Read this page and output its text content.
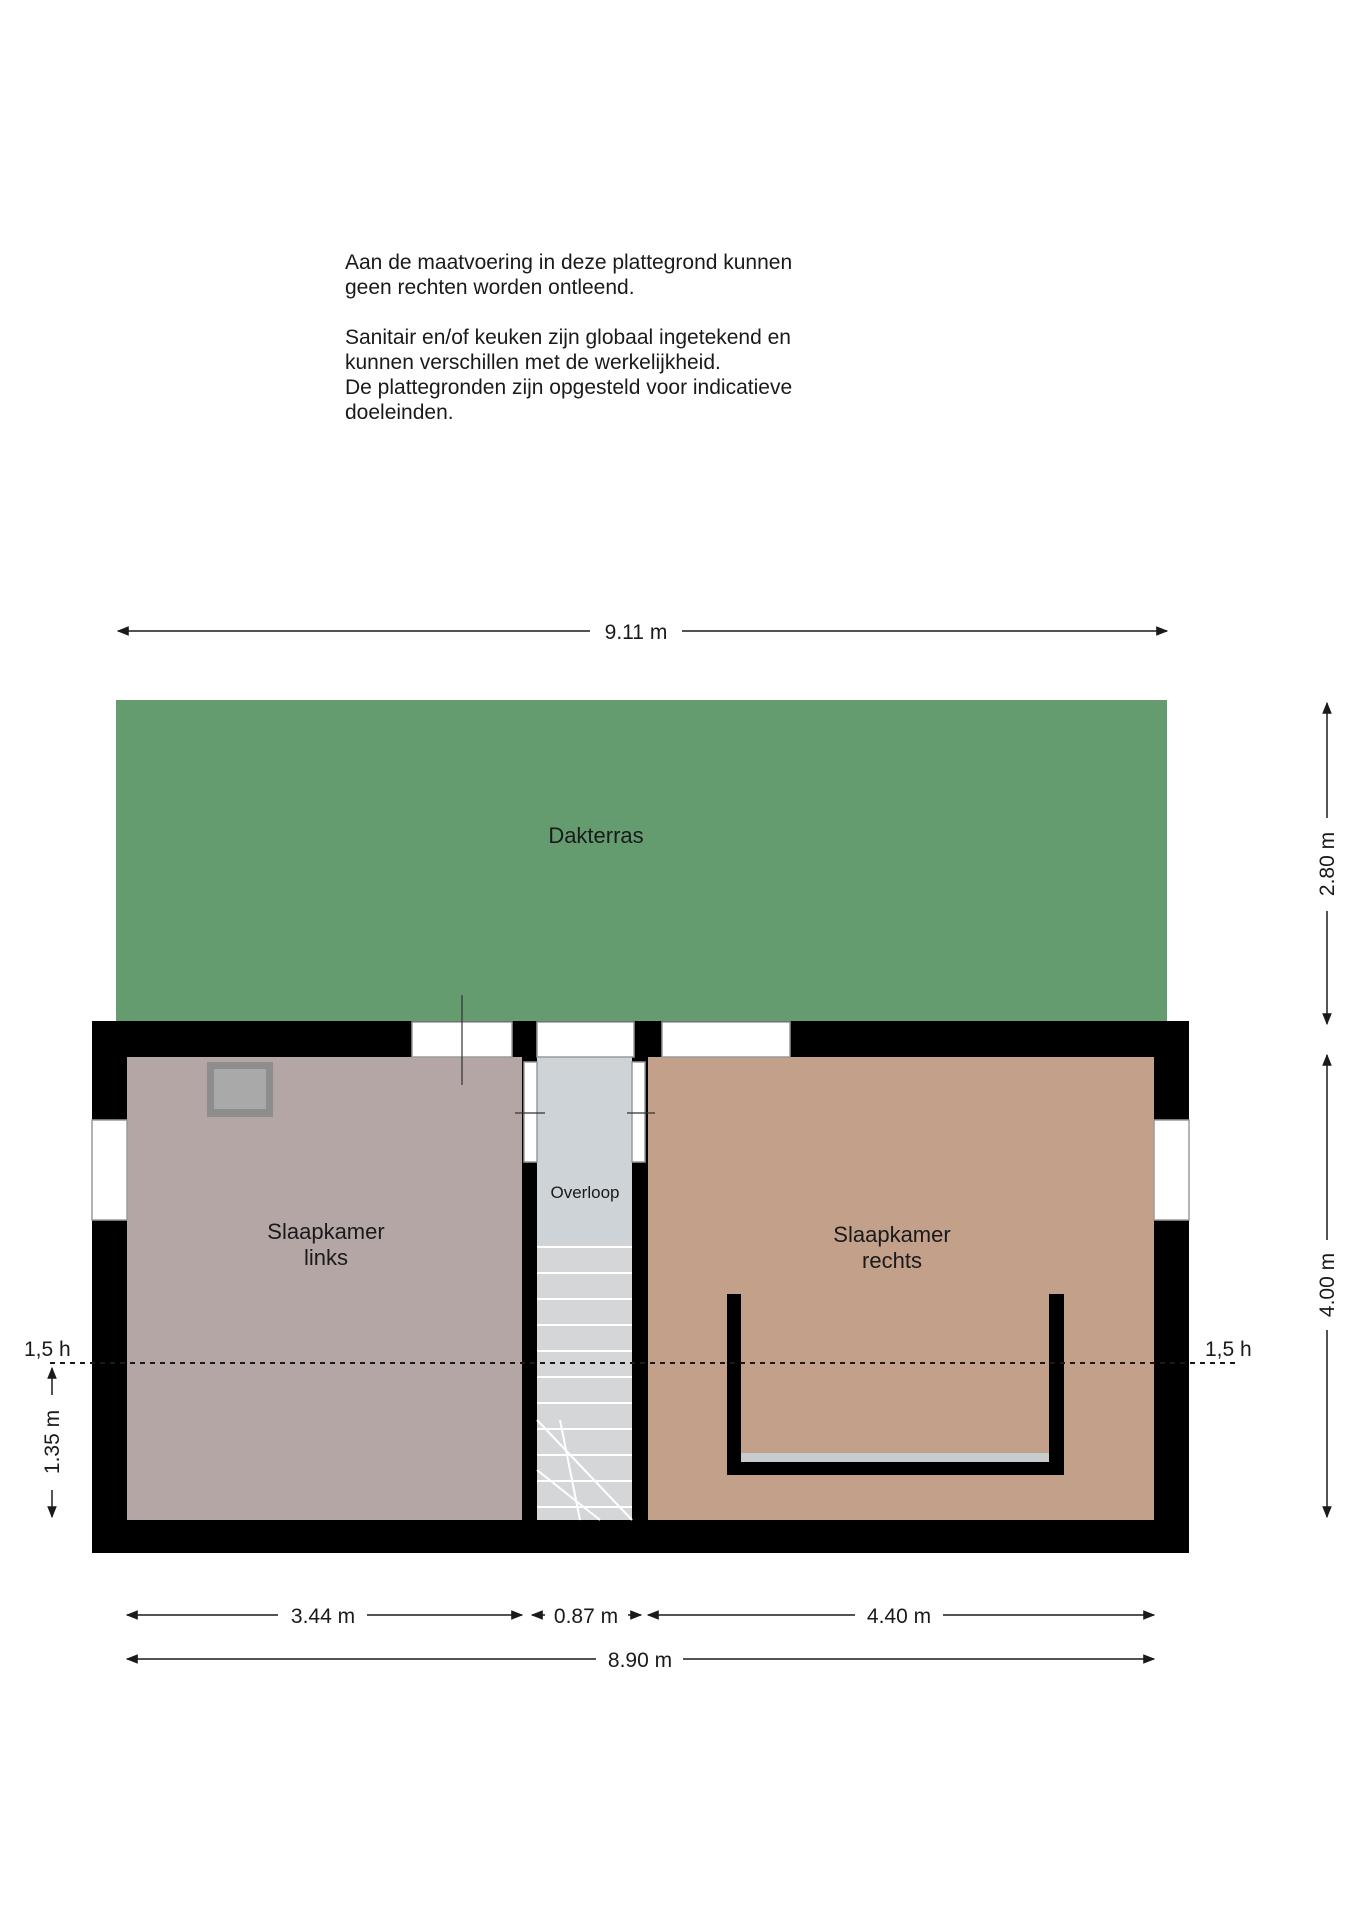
Aan de maatvoering in deze plattegrond kunnen
geen rechten worden ontleend.

Sanitair en/of keuken zijn globaal ingetekend en
kunnen verschillen met de werkelijkheid.
De plattegronden zijn opgesteld voor indicatieve
doeleinden.

Dakterras
Slaapkamer
links
Overloop
Slaapkamer
rechts
1,5 h	1,5 h
9.11 m
2.80 m
4.00 m
1.35 m
3.44 m	0.87 m	4.40 m
8.90 m
